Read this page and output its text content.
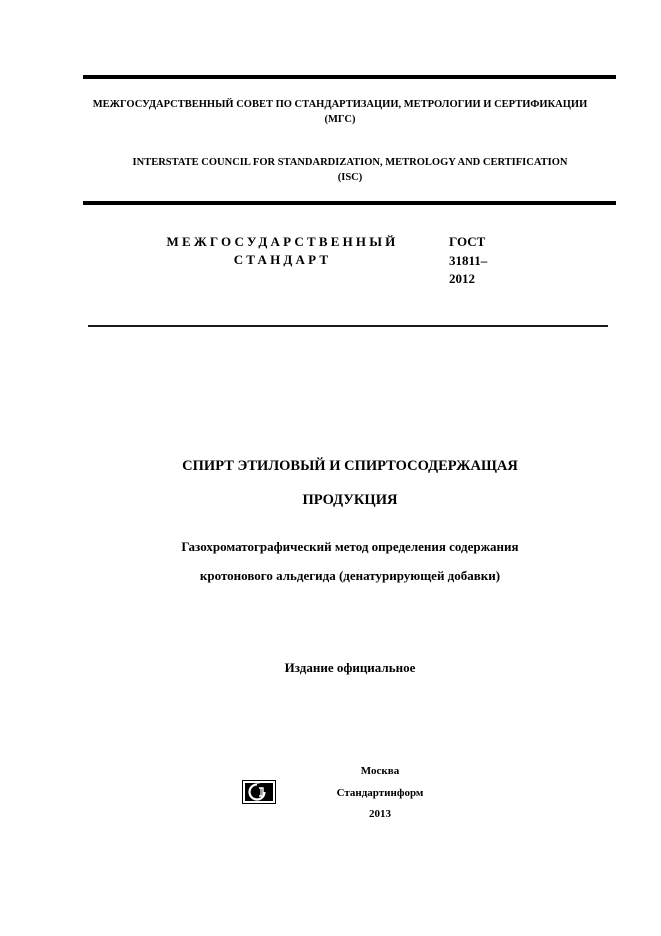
МЕЖГОСУДАРСТВЕННЫЙ СОВЕТ ПО СТАНДАРТИЗАЦИИ, МЕТРОЛОГИИ И СЕРТИФИКАЦИИ
(МГС)
INTERSTATE COUNCIL FOR STANDARDIZATION, METROLOGY AND CERTIFICATION
(ISC)
МЕЖГОСУДАРСТВЕННЫЙ
СТАНДАРТ
ГОСТ
31811–
2012
СПИРТ ЭТИЛОВЫЙ И СПИРТОСОДЕРЖАЩАЯ
ПРОДУКЦИЯ
Газохроматографический метод определения содержания
кротонового альдегида (денатурирующей добавки)
Издание официальное
Москва
Стандартинформ
2013
